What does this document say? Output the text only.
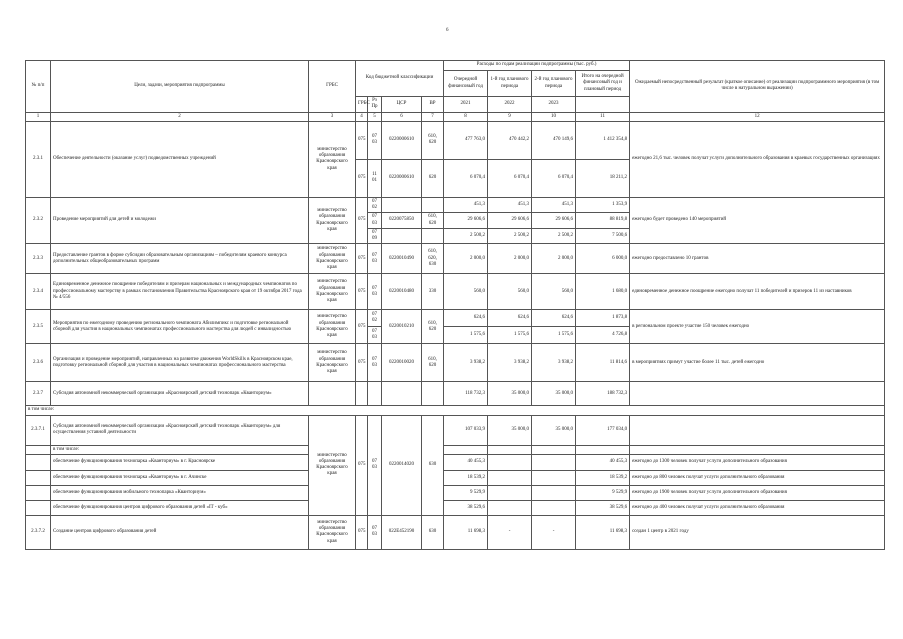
6
№ п/п	Цели, задачи, мероприятия подпрограммы	ГРБС	Код бюджетной классификации				Расходы по годам реализации подпрограммы (тыс. руб.)				Ожидаемый непосредственный результат (краткое описание) от реализации подпрограммного мероприятия (в том числе в натуральном выражении)
							Очередной финансовый год	1-й год планового периода	2-й год планового периода	Итого на очередной финансовый год и плановый период	
			ГРБС	Рз Пр	ЦСР	ВР	2021	2022	2023		
1	2	3	4	5	6	7	8	9	10	11	12
2.3.1	Обеспечение деятельности (оказание услуг) подведомственных учреждений	министерство образования Красноярского края	075	07 03	0220000610	610, 620	477 763,0	470 442,2	470 149,6	1 412 354,8	ежегодно 21,6 тыс. человек получат услуги дополнительного образования в краевых государственных организациях
			075	11 01	0220000610	620	6 070,4	6 070,4	6 070,4	18 211,2	
2.3.2	Проведение мероприятий для детей и молодежи	министерство образования Красноярского края	075	07 02			451,3	451,3	451,3	1 353,9	ежегодно будет проведено 140 мероприятий
				07 03	0220075850	610, 620	29 606,6	29 606,6	29 606,6	88 819,8	
				07 09			2 500,2	2 500,2	2 500,2	7 500,6	
2.3.3	Предоставление грантов в форме субсидии образовательным организациям – победителям краевого конкурса дополнительных общеобразовательных программ	министерство образования Красноярского края	075	07 03	0220010490	610, 620, 630	2 000,0	2 000,0	2 000,0	6 000,0	ежегодно предоставлено 10 грантов
2.3.4	Единовременное денежное поощрение победителям и призерам национальных и международных чемпионатов по профессиональному мастерству в рамках постановления Правительства Красноярского края от 19 октября 2017 года № 4/556	министерство образования Красноярского края	075	07 03	0220010480	330	560,0	560,0	560,0	1 680,0	единовременное денежное поощрение ежегодно получат 11 победителей и призеров 11 из наставников
2.3.5	Мероприятия по ежегодному проведению регионального чемпионата Абилимпикс и подготовке региональной сборной для участия в национальных чемпионатах профессионального мастерства для людей с инвалидностью	министерство образования Красноярского края	075	07 02	0220010210	610, 620	624,6	624,6	624,6	1 873,8	в региональном проекте участие 150 человек ежегодно
				07 03			1 575,6	1 575,6	1 575,6	4 726,8	
2.3.6	Организация и проведение мероприятий, направленных на развитие движения WorldSkills в Красноярском крае, подготовку региональной сборной для участия в национальных чемпионатах профессионального мастерства	министерство образования Красноярского края	075	07 03	0220010020	610, 620	3 938,2	3 938,2	3 938,2	11 814,6	в мероприятиях примут участие более 11 тыс. детей ежегодно
2.3.7	Субсидия автономной некоммерческой организации «Красноярский детский технопарк «Кванториум»						118 732,3	35 000,0	35 000,0	188 732,3	
в том числе:											
2.3.7.1	Субсидия автономной некоммерческой организации «Красноярский детский технопарк «Кванториум» для осуществления уставной деятельности	министерство образования Красноярского края	075	07 03	0220014020	630	107 033,9	35 000,0	35 000,0	177 034,0	
	в том числе:										
	обеспечение функционирования технопарка «Кванториум» в г. Красноярске						40 455,3			40 455,3	ежегодно до 1300 человек получат услуги дополнительного образования
	обеспечение функционирования технопарка «Кванториум» в г. Ачинске						18 539,2			18 539,2	ежегодно до 800 человек получат услуги дополнительного образования
	обеспечение функционирования мобильного технопарка «Кванториум»						9 529,9			9 529,9	ежегодно до 1900 человек получат услуги дополнительного образования
	обеспечение функционирования центров цифрового образования детей «IT - куб»						38 529,6			38 529,6	ежегодно до 400 человек получат услуги дополнительного образования
2.3.7.2	Создание центров цифрового образования детей	министерство образования Красноярского края	075	07 03	022E452190	630	11 698,3	-	-	11 698,3	создан 1 центр в 2021 году
